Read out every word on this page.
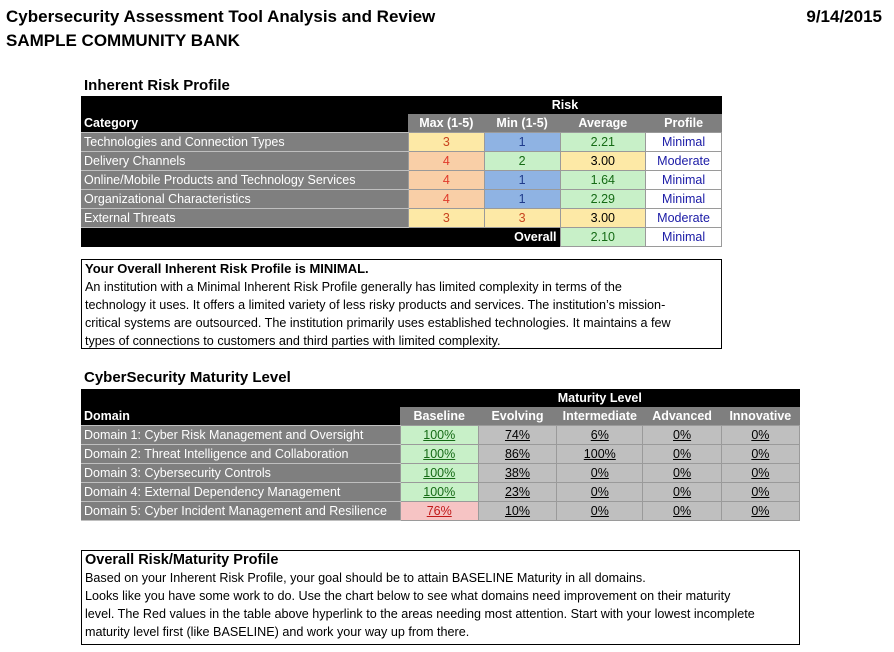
Cybersecurity Assessment Tool Analysis and Review
SAMPLE COMMUNITY BANK
9/14/2015
Inherent Risk Profile
	Risk			
Category	Max (1-5)	Min (1-5)	Average	Profile
Technologies and Connection Types	3	1	2.21	Minimal
Delivery Channels	4	2	3.00	Moderate
Online/Mobile Products and Technology Services	4	1	1.64	Minimal
Organizational Characteristics	4	1	2.29	Minimal
External Threats	3	3	3.00	Moderate
		Overall	2.10	Minimal
Your Overall Inherent Risk Profile is MINIMAL.
An institution with a Minimal Inherent Risk Profile generally has limited complexity in terms of the
technology it uses. It offers a limited variety of less risky products and services. The institution’s mission-
critical systems are outsourced. The institution primarily uses established technologies. It maintains a few
types of connections to customers and third parties with limited complexity.
CyberSecurity Maturity Level
	Maturity Level				
Domain	Baseline	Evolving	Intermediate	Advanced	Innovative
Domain 1: Cyber Risk Management and Oversight	100%	74%	6%	0%	0%
Domain 2: Threat Intelligence and Collaboration	100%	86%	100%	0%	0%
Domain 3: Cybersecurity Controls	100%	38%	0%	0%	0%
Domain 4: External Dependency Management	100%	23%	0%	0%	0%
Domain 5: Cyber Incident Management and Resilience	76%	10%	0%	0%	0%
Overall Risk/Maturity Profile
Based on your Inherent Risk Profile, your goal should be to attain BASELINE Maturity in all domains.
Looks like you have some work to do. Use the chart below to see what domains need improvement on their maturity
level. The Red values in the table above hyperlink to the areas needing most attention. Start with your lowest incomplete
maturity level first (like BASELINE) and work your way up from there.
